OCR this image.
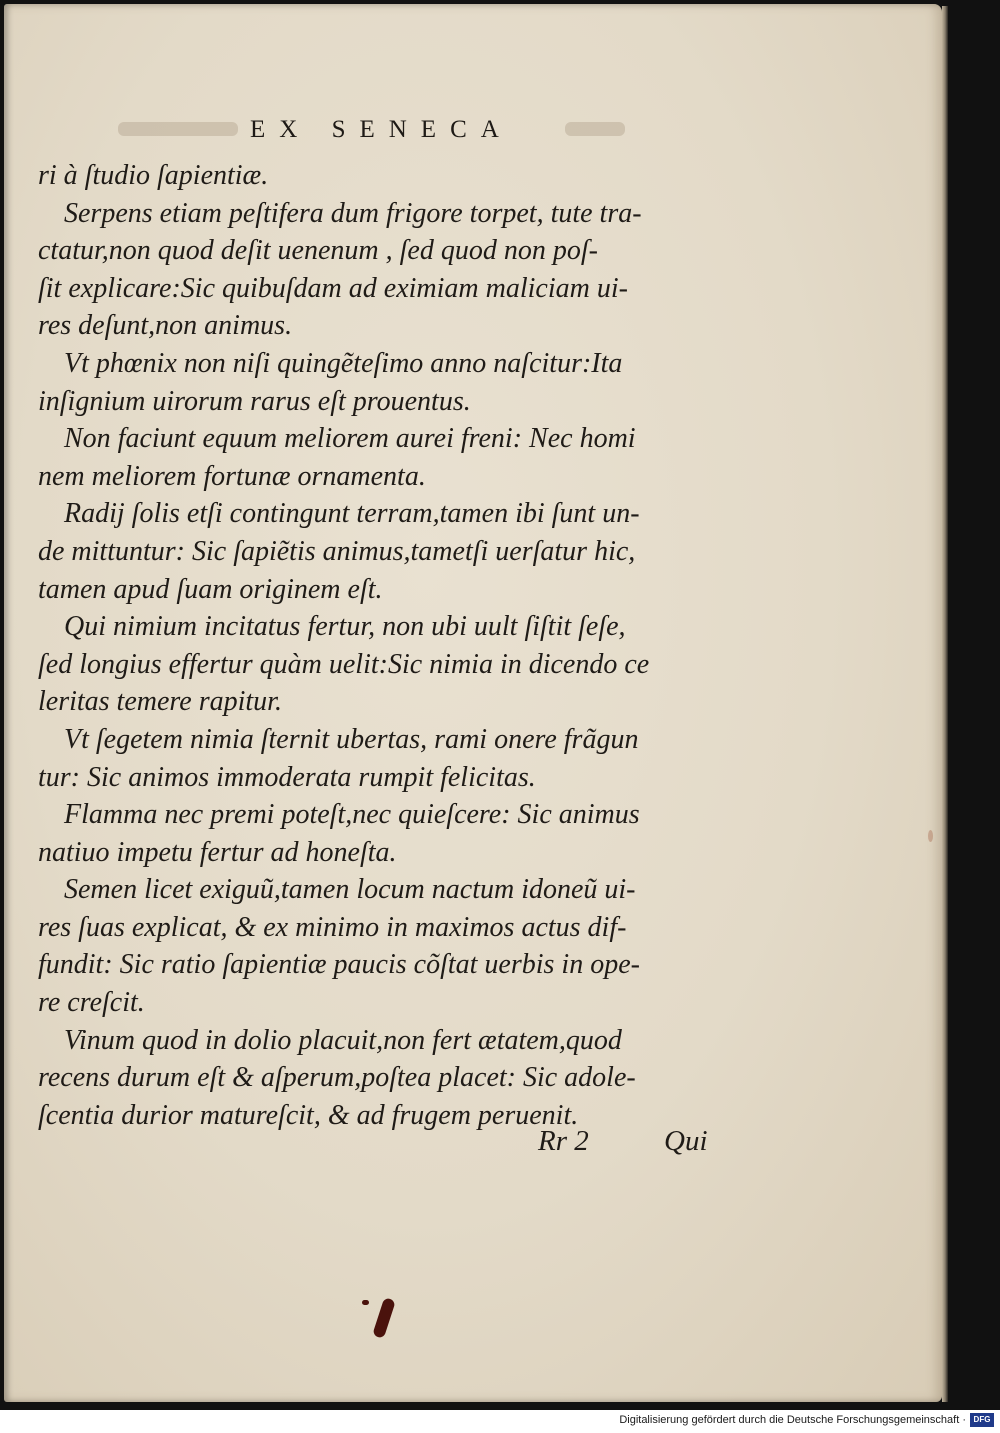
EX SENECA
ri à ſtudio ſapientiæ.
Serpens etiam peſtifera dum frigore torpet, tute tra-
ctatur,non quod deſit uenenum , ſed quod non poſ-
ſit explicare:Sic quibuſdam ad eximiam maliciam ui-
res deſunt,non animus.
Vt phœnix non niſi quingẽteſimo anno naſcitur:Ita
inſignium uirorum rarus eſt prouentus.
Non faciunt equum meliorem aurei freni: Nec homi
nem meliorem fortunæ ornamenta.
Radij ſolis etſi contingunt terram,tamen ibi ſunt un-
de mittuntur: Sic ſapiẽtis animus,tametſi uerſatur hic,
tamen apud ſuam originem eſt.
Qui nimium incitatus fertur, non ubi uult ſiſtit ſeſe,
ſed longius effertur quàm uelit:Sic nimia in dicendo ce
leritas temere rapitur.
Vt ſegetem nimia ſternit ubertas, rami onere frãgun
tur: Sic animos immoderata rumpit felicitas.
Flamma nec premi poteſt,nec quieſcere: Sic animus
natiuo impetu fertur ad honeſta.
Semen licet exiguũ,tamen locum nactum idoneũ ui-
res ſuas explicat, & ex minimo in maximos actus dif-
fundit: Sic ratio ſapientiæ paucis cõſtat uerbis in ope-
re creſcit.
Vinum quod in dolio placuit,non fert ætatem,quod
recens durum eſt & aſperum,poſtea placet: Sic adole-
ſcentia durior matureſcit, & ad frugem peruenit.
Rr 2	Qui
Digitalisierung gefördert durch die Deutsche Forschungsgemeinschaft · DFG
